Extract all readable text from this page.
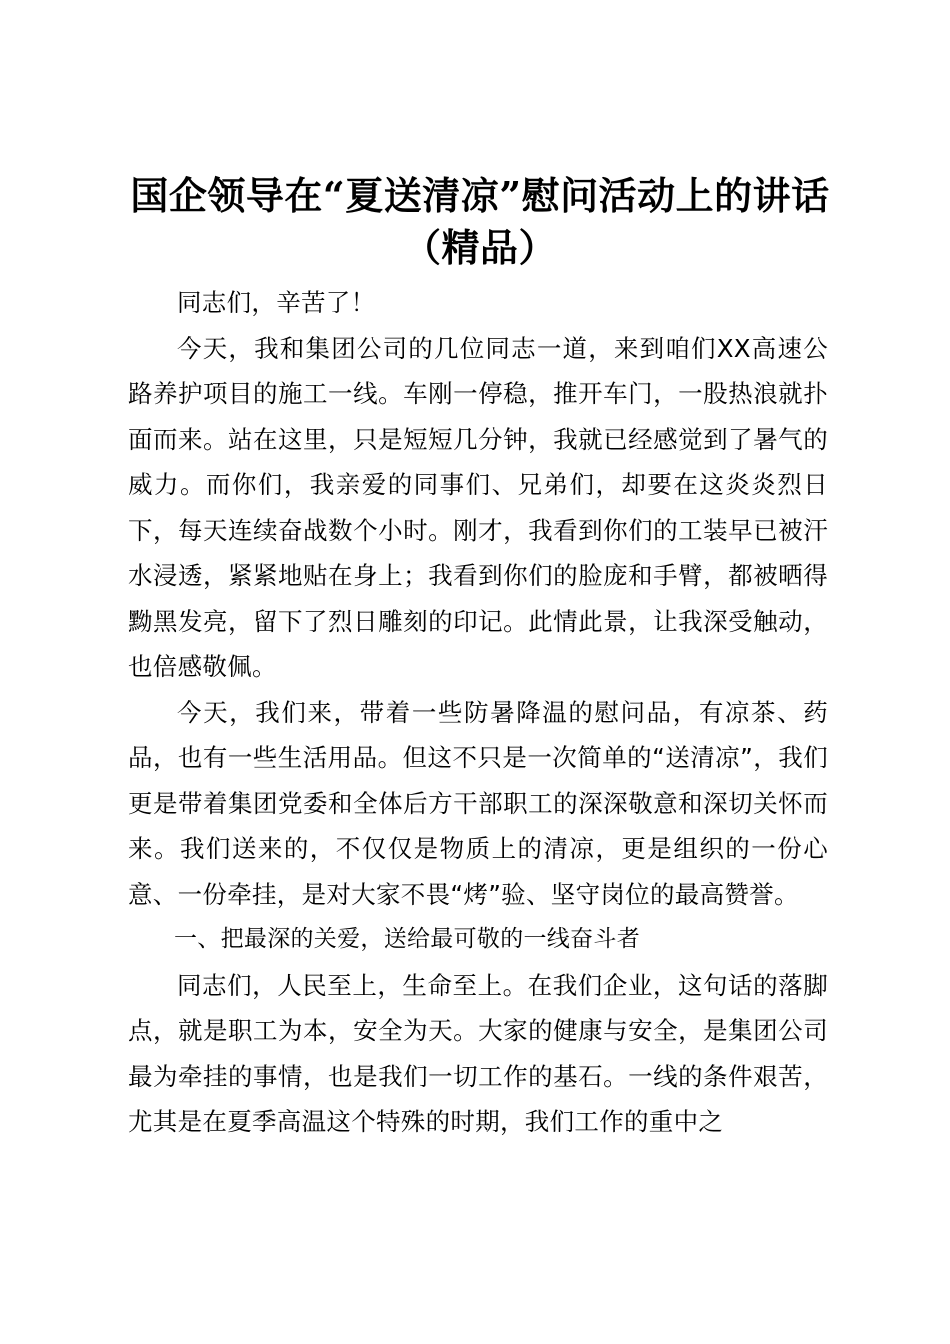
国企领导在“夏送清凉”慰问活动上的讲话（精品）

同志们，辛苦了！

今天，我和集团公司的几位同志一道，来到咱们XX高速公路养护项目的施工一线。车刚一停稳，推开车门，一股热浪就扑面而来。站在这里，只是短短几分钟，我就已经感觉到了暑气的威力。而你们，我亲爱的同事们、兄弟们，却要在这炎炎烈日下，每天连续奋战数个小时。刚才，我看到你们的工装早已被汗水浸透，紧紧地贴在身上；我看到你们的脸庞和手臂，都被晒得黝黑发亮，留下了烈日雕刻的印记。此情此景，让我深受触动，也倍感敬佩。

今天，我们来，带着一些防暑降温的慰问品，有凉茶、药品，也有一些生活用品。但这不只是一次简单的“送清凉”，我们更是带着集团党委和全体后方干部职工的深深敬意和深切关怀而来。我们送来的，不仅仅是物质上的清凉，更是组织的一份心意、一份牵挂，是对大家不畏“烤”验、坚守岗位的最高赞誉。

一、把最深的关爱，送给最可敬的一线奋斗者

同志们，人民至上，生命至上。在我们企业，这句话的落脚点，就是职工为本，安全为天。大家的健康与安全，是集团公司最为牵挂的事情，也是我们一切工作的基石。一线的条件艰苦，尤其是在夏季高温这个特殊的时期，我们工作的重中之
